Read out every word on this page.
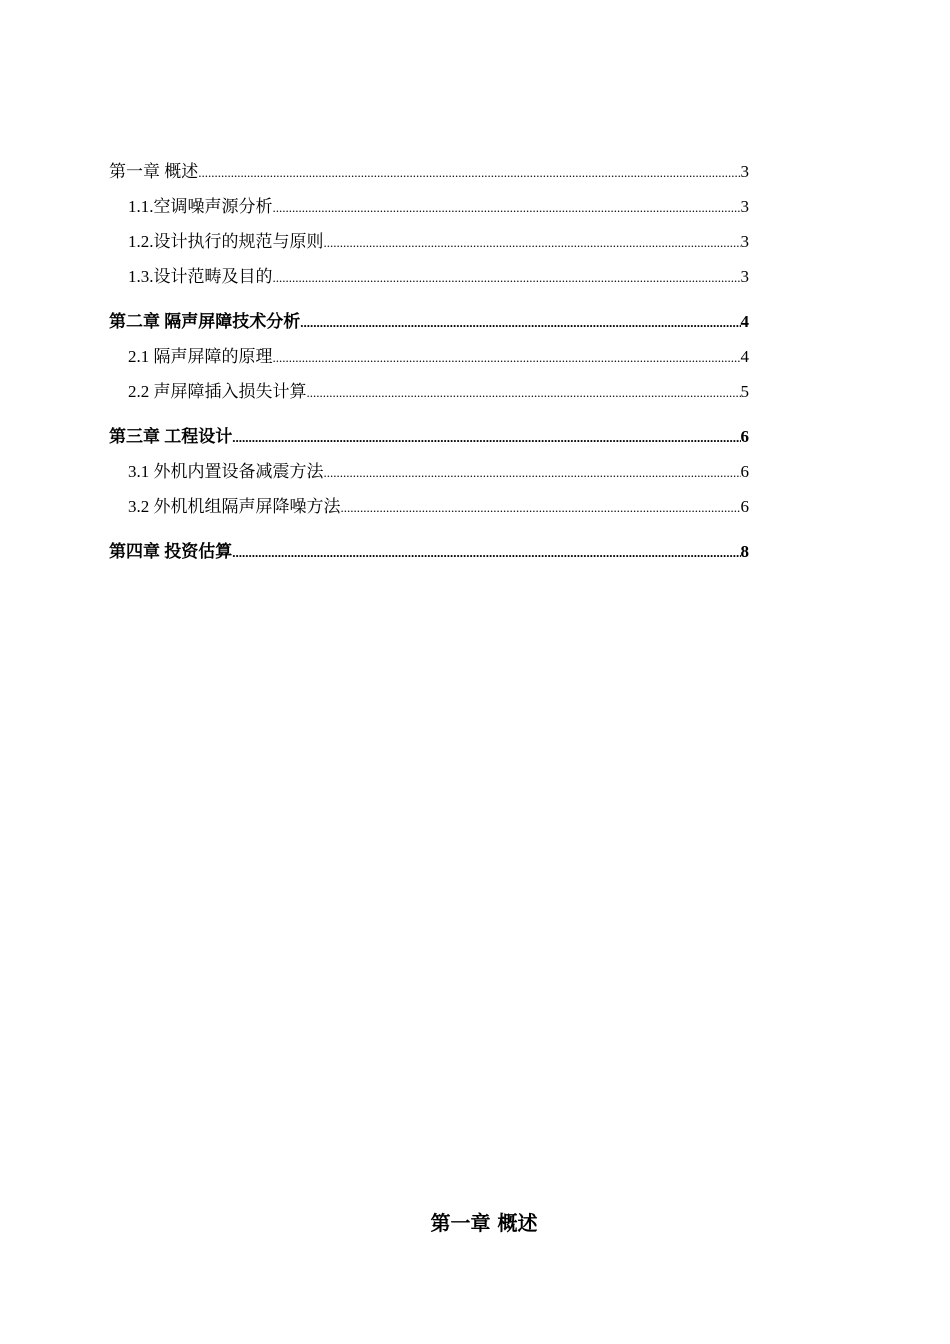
第一章 概述 .....	3
1.1.空调噪声源分析 .....	3
1.2.设计执行的规范与原则 .....	3
1.3.设计范畴及目的 .....	3
第二章 隔声屏障技术分析 .....	4
2.1 隔声屏障的原理 .....	4
2.2 声屏障插入损失计算 .....	5
第三章 工程设计 .....	6
3.1 外机内置设备减震方法 .....	6
3.2 外机机组隔声屏降噪方法 .....	6
第四章 投资估算 .....	8
第一章 概述
